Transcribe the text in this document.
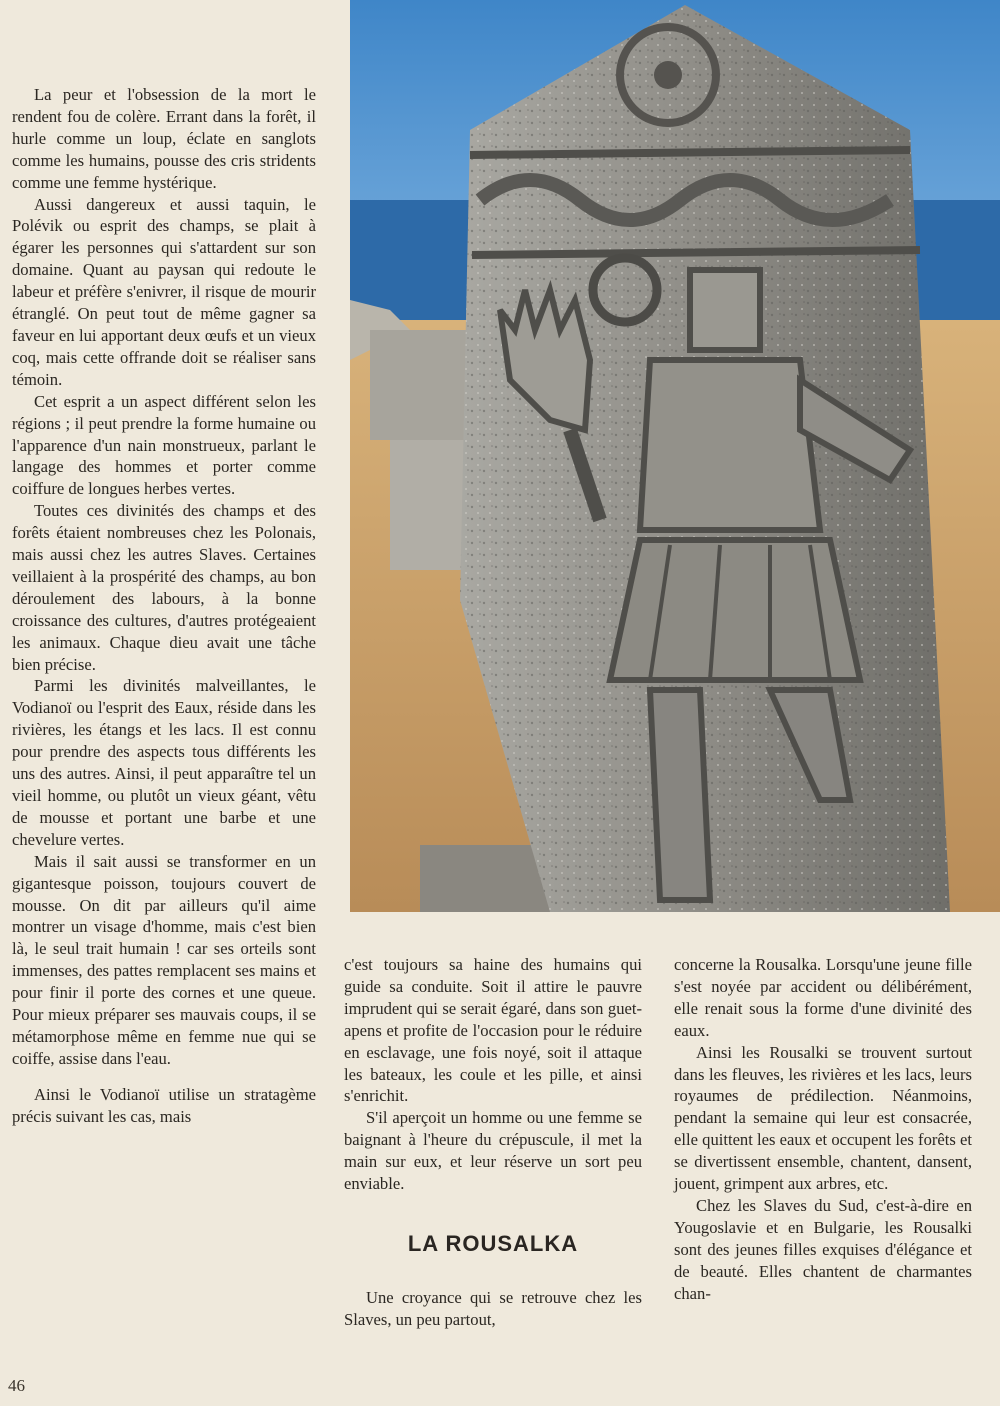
La peur et l'obsession de la mort le rendent fou de colère. Errant dans la forêt, il hurle comme un loup, éclate en sanglots comme les humains, pousse des cris stridents comme une femme hystérique.

Aussi dangereux et aussi taquin, le Polévik ou esprit des champs, se plait à égarer les personnes qui s'attardent sur son domaine. Quant au paysan qui redoute le labeur et préfère s'enivrer, il risque de mourir étranglé. On peut tout de même gagner sa faveur en lui apportant deux œufs et un vieux coq, mais cette offrande doit se réaliser sans témoin.

Cet esprit a un aspect différent selon les régions ; il peut prendre la forme humaine ou l'apparence d'un nain monstrueux, parlant le langage des hommes et porter comme coiffure de longues herbes vertes.

Toutes ces divinités des champs et des forêts étaient nombreuses chez les Polonais, mais aussi chez les autres Slaves. Certaines veillaient à la prospérité des champs, au bon déroulement des labours, à la bonne croissance des cultures, d'autres protégeaient les animaux. Chaque dieu avait une tâche bien précise.

Parmi les divinités malveillantes, le Vodianoï ou l'esprit des Eaux, réside dans les rivières, les étangs et les lacs. Il est connu pour prendre des aspects tous différents les uns des autres. Ainsi, il peut apparaître tel un vieil homme, ou plutôt un vieux géant, vêtu de mousse et portant une barbe et une chevelure vertes.

Mais il sait aussi se transformer en un gigantesque poisson, toujours couvert de mousse. On dit par ailleurs qu'il aime montrer un visage d'homme, mais c'est bien là, le seul trait humain ! car ses orteils sont immenses, des pattes remplacent ses mains et pour finir il porte des cornes et une queue. Pour mieux préparer ses mauvais coups, il se métamorphose même en femme nue qui se coiffe, assise dans l'eau.

Ainsi le Vodianoï utilise un stratagème précis suivant les cas, mais

c'est toujours sa haine des humains qui guide sa conduite. Soit il attire le pauvre imprudent qui se serait égaré, dans son guet-apens et profite de l'occasion pour le réduire en esclavage, une fois noyé, soit il attaque les bateaux, les coule et les pille, et ainsi s'enrichit.

S'il aperçoit un homme ou une femme se baignant à l'heure du crépuscule, il met la main sur eux, et leur réserve un sort peu enviable.

LA ROUSALKA

Une croyance qui se retrouve chez les Slaves, un peu partout,

concerne la Rousalka. Lorsqu'une jeune fille s'est noyée par accident ou délibérément, elle renait sous la forme d'une divinité des eaux.

Ainsi les Rousalki se trouvent surtout dans les fleuves, les rivières et les lacs, leurs royaumes de prédilection. Néanmoins, pendant la semaine qui leur est consacrée, elle quittent les eaux et occupent les forêts et se divertissent ensemble, chantent, dansent, jouent, grimpent aux arbres, etc.

Chez les Slaves du Sud, c'est-à-dire en Yougoslavie et en Bulgarie, les Rousalki sont des jeunes filles exquises d'élégance et de beauté. Elles chantent de charmantes chan-

46
